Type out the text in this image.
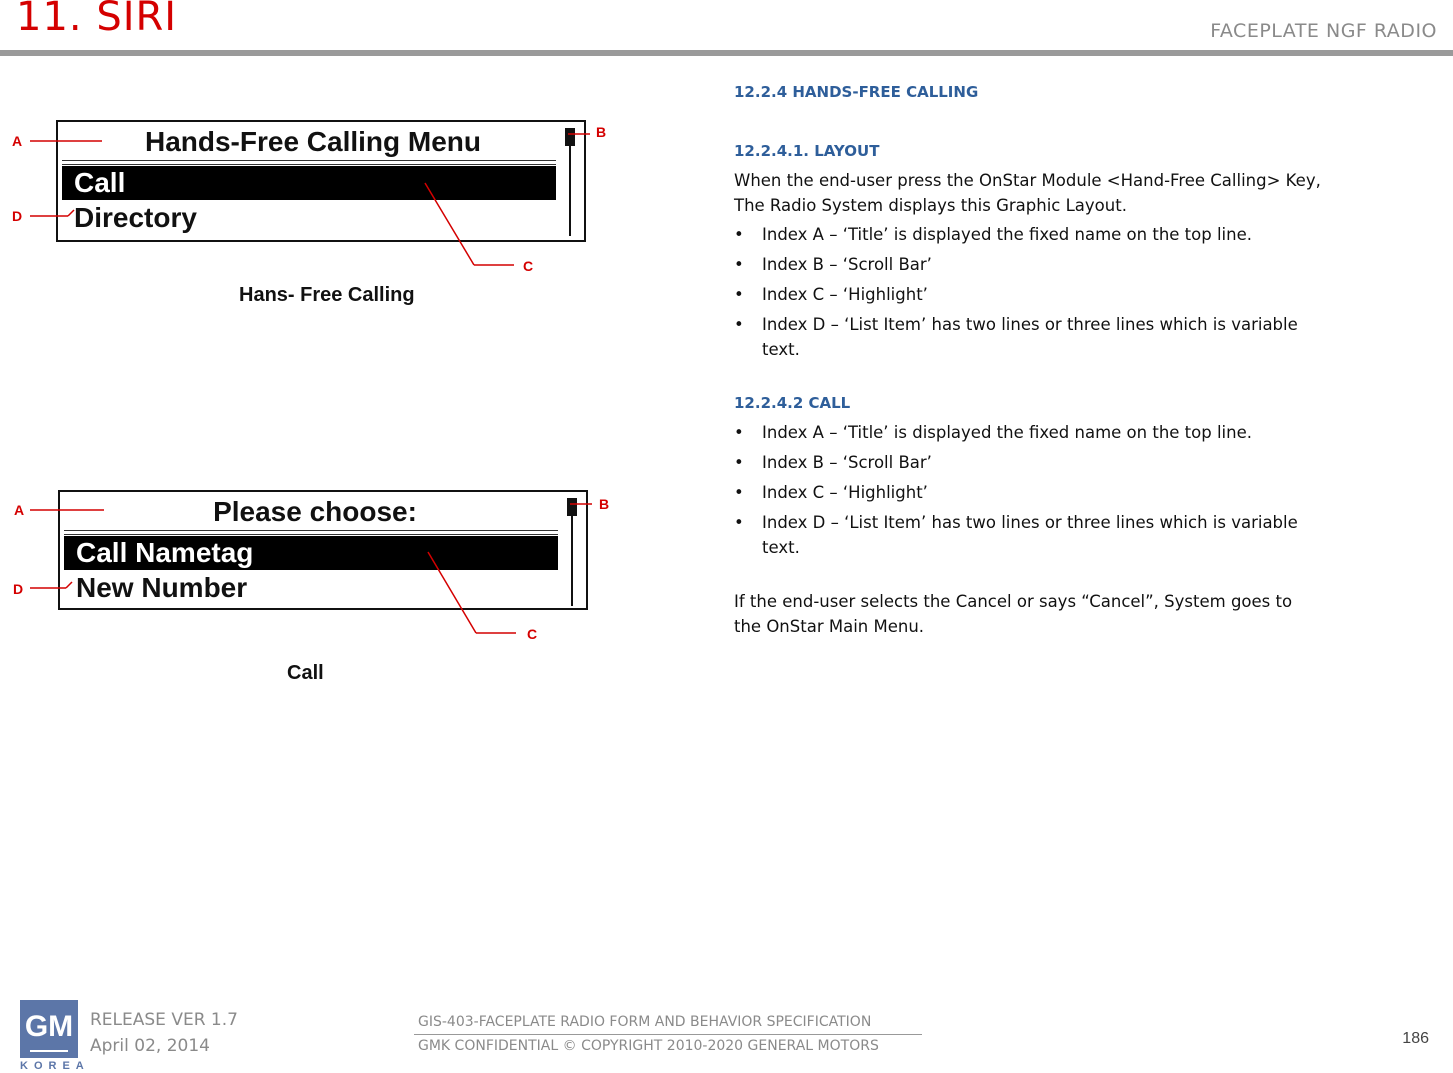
11. SIRI	FACEPLATE NGF RADIO
Hands-Free Calling Menu
Call
Directory
A
B
C
D
Hans- Free Calling
Please choose:
Call Nametag
New Number
A	B
C
D
Call
12.2.4 HANDS-FREE CALLING
12.2.4.1. LAYOUT

When the end-user press the OnStar Module <Hand-Free Calling> Key, The Radio System displays this Graphic Layout.

• Index A – ‘Title’ is displayed the fixed name on the top line.
• Index B – ‘Scroll Bar’
• Index C – ‘Highlight’
• Index D – ‘List Item’ has two lines or three lines which is variable text.
12.2.4.2 CALL
• Index A – ‘Title’ is displayed the fixed name on the top line.
• Index B – ‘Scroll Bar’
• Index C – ‘Highlight’
• Index D – ‘List Item’ has two lines or three lines which is variable text.

If the end-user selects the Cancel or says “Cancel”, System goes to the OnStar Main Menu.

GM
KOREA
RELEASE VER 1.7
April 02, 2014
GIS-403-FACEPLATE RADIO FORM AND BEHAVIOR SPECIFICATION
GMK CONFIDENTIAL © COPYRIGHT 2010-2020 GENERAL MOTORS	186
